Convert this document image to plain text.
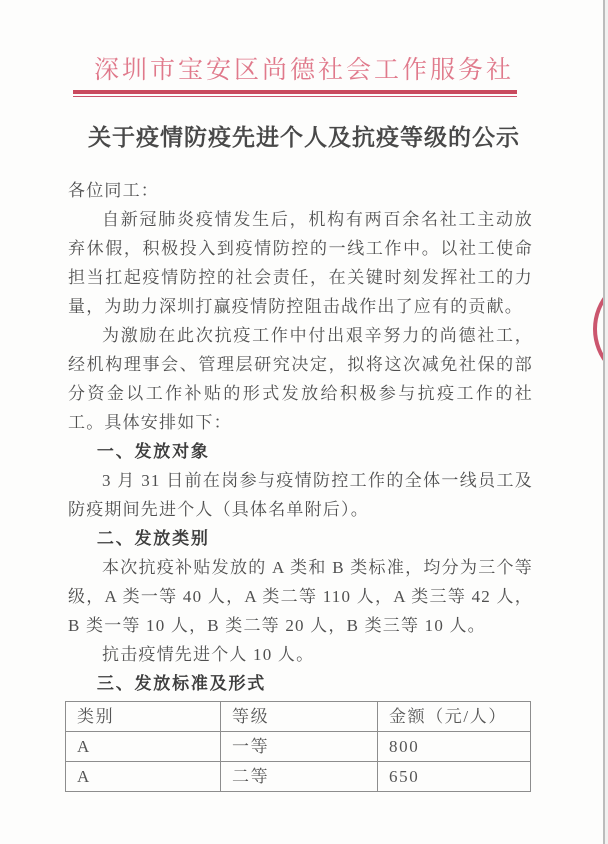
深圳市宝安区尚德社会工作服务社
关于疫情防疫先进个人及抗疫等级的公示

各位同工：

自新冠肺炎疫情发生后，机构有两百余名社工主动放弃休假，积极投入到疫情防控的一线工作中。以社工使命担当扛起疫情防控的社会责任，在关键时刻发挥社工的力量，为助力深圳打赢疫情防控阻击战作出了应有的贡献。

为激励在此次抗疫工作中付出艰辛努力的尚德社工，经机构理事会、管理层研究决定，拟将这次减免社保的部分资金以工作补贴的形式发放给积极参与抗疫工作的社工。具体安排如下：

一、发放对象

3 月 31 日前在岗参与疫情防控工作的全体一线员工及防疫期间先进个人（具体名单附后）。

二、发放类别

本次抗疫补贴发放的 A 类和 B 类标准，均分为三个等级，A 类一等 40 人，A 类二等 110 人，A 类三等 42 人，B 类一等 10 人，B 类二等 20 人，B 类三等 10 人。

抗击疫情先进个人 10 人。

三、发放标准及形式

类别	等级	金额（元/人）
A	一等	800
A	二等	650
